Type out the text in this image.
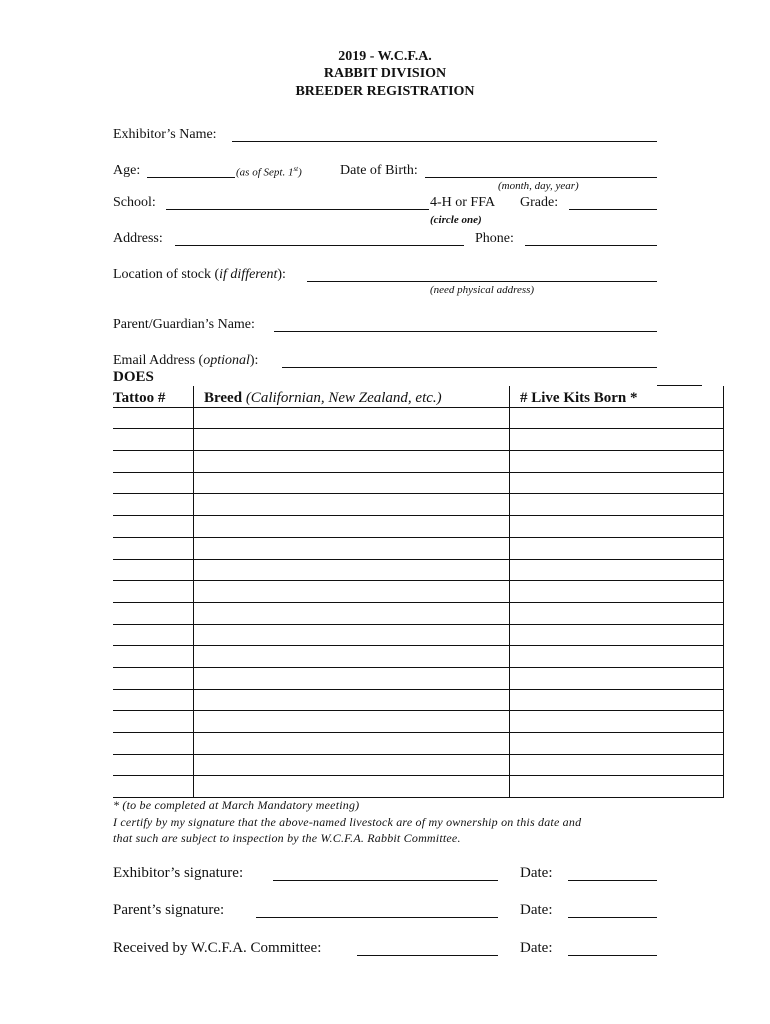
2019 - W.C.F.A.
RABBIT DIVISION
BREEDER REGISTRATION
Exhibitor’s Name:
Age:	(as of Sept. 1st)	Date of Birth:
(month, day, year)
School:	4-H or FFA Grade:
(circle one)
Address:	Phone:
Location of stock (if different):
(need physical address)
Parent/Guardian’s Name:
Email Address (optional):
DOES
Tattoo #	Breed (Californian, New Zealand, etc.)	# Live Kits Born *

* (to be completed at March Mandatory meeting)
I certify by my signature that the above-named livestock are of my ownership on this date and
that such are subject to inspection by the W.C.F.A. Rabbit Committee.
Exhibitor’s signature:	Date:
Parent’s signature:	Date:
Received by W.C.F.A. Committee:	Date:
